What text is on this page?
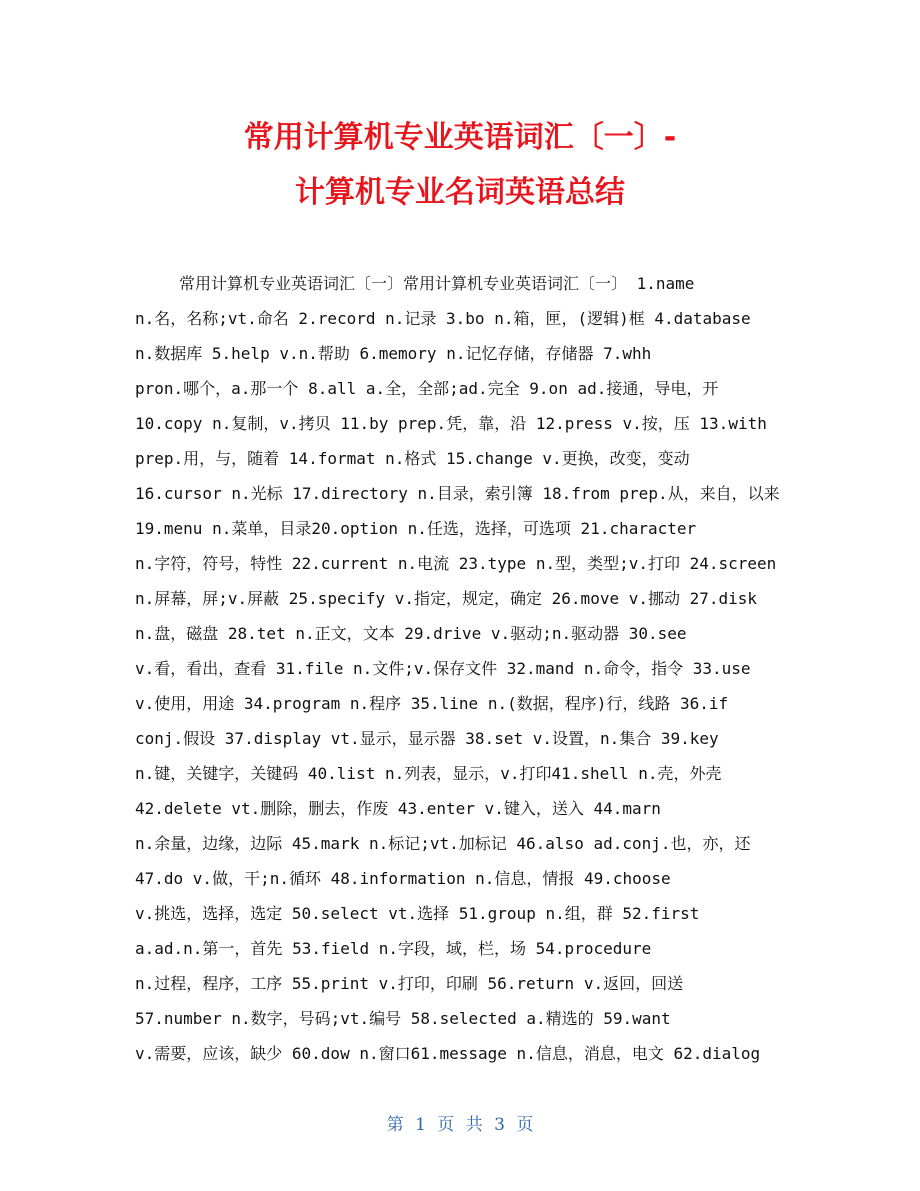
常用计算机专业英语词汇〔一〕-
计算机专业名词英语总结
常用计算机专业英语词汇〔一〕常用计算机专业英语词汇〔一〕 1.name
n.名，名称;vt.命名 2.record n.记录 3.bo n.箱，匣，(逻辑)框 4.database
n.数据库 5.help v.n.帮助 6.memory n.记忆存储，存储器 7.whh
pron.哪个，a.那一个 8.all a.全，全部;ad.完全 9.on ad.接通，导电，开
10.copy n.复制，v.拷贝 11.by prep.凭，靠，沿 12.press v.按，压 13.with
prep.用，与，随着 14.format n.格式 15.change v.更换，改变，变动
16.cursor n.光标 17.directory n.目录，索引簿 18.from prep.从，来自，以来
19.menu n.菜单，目录20.option n.任选，选择，可选项 21.character
n.字符，符号，特性 22.current n.电流 23.type n.型，类型;v.打印 24.screen
n.屏幕，屏;v.屏蔽 25.specify v.指定，规定，确定 26.move v.挪动 27.disk
n.盘，磁盘 28.tet n.正文，文本 29.drive v.驱动;n.驱动器 30.see
v.看，看出，查看 31.file n.文件;v.保存文件 32.mand n.命令，指令 33.use
v.使用，用途 34.program n.程序 35.line n.(数据，程序)行，线路 36.if
conj.假设 37.display vt.显示，显示器 38.set v.设置，n.集合 39.key
n.键，关键字，关键码 40.list n.列表，显示，v.打印41.shell n.壳，外壳
42.delete vt.删除，删去，作废 43.enter v.键入，送入 44.marn
n.余量，边缘，边际 45.mark n.标记;vt.加标记 46.also ad.conj.也，亦，还
47.do v.做，干;n.循环 48.information n.信息，情报 49.choose
v.挑选，选择，选定 50.select vt.选择 51.group n.组，群 52.first
a.ad.n.第一，首先 53.field n.字段，域，栏，场 54.procedure
n.过程，程序，工序 55.print v.打印，印刷 56.return v.返回，回送
57.number n.数字，号码;vt.编号 58.selected a.精选的 59.want
v.需要，应该，缺少 60.dow n.窗口61.message n.信息，消息，电文 62.dialog
第 1 页 共 3 页
